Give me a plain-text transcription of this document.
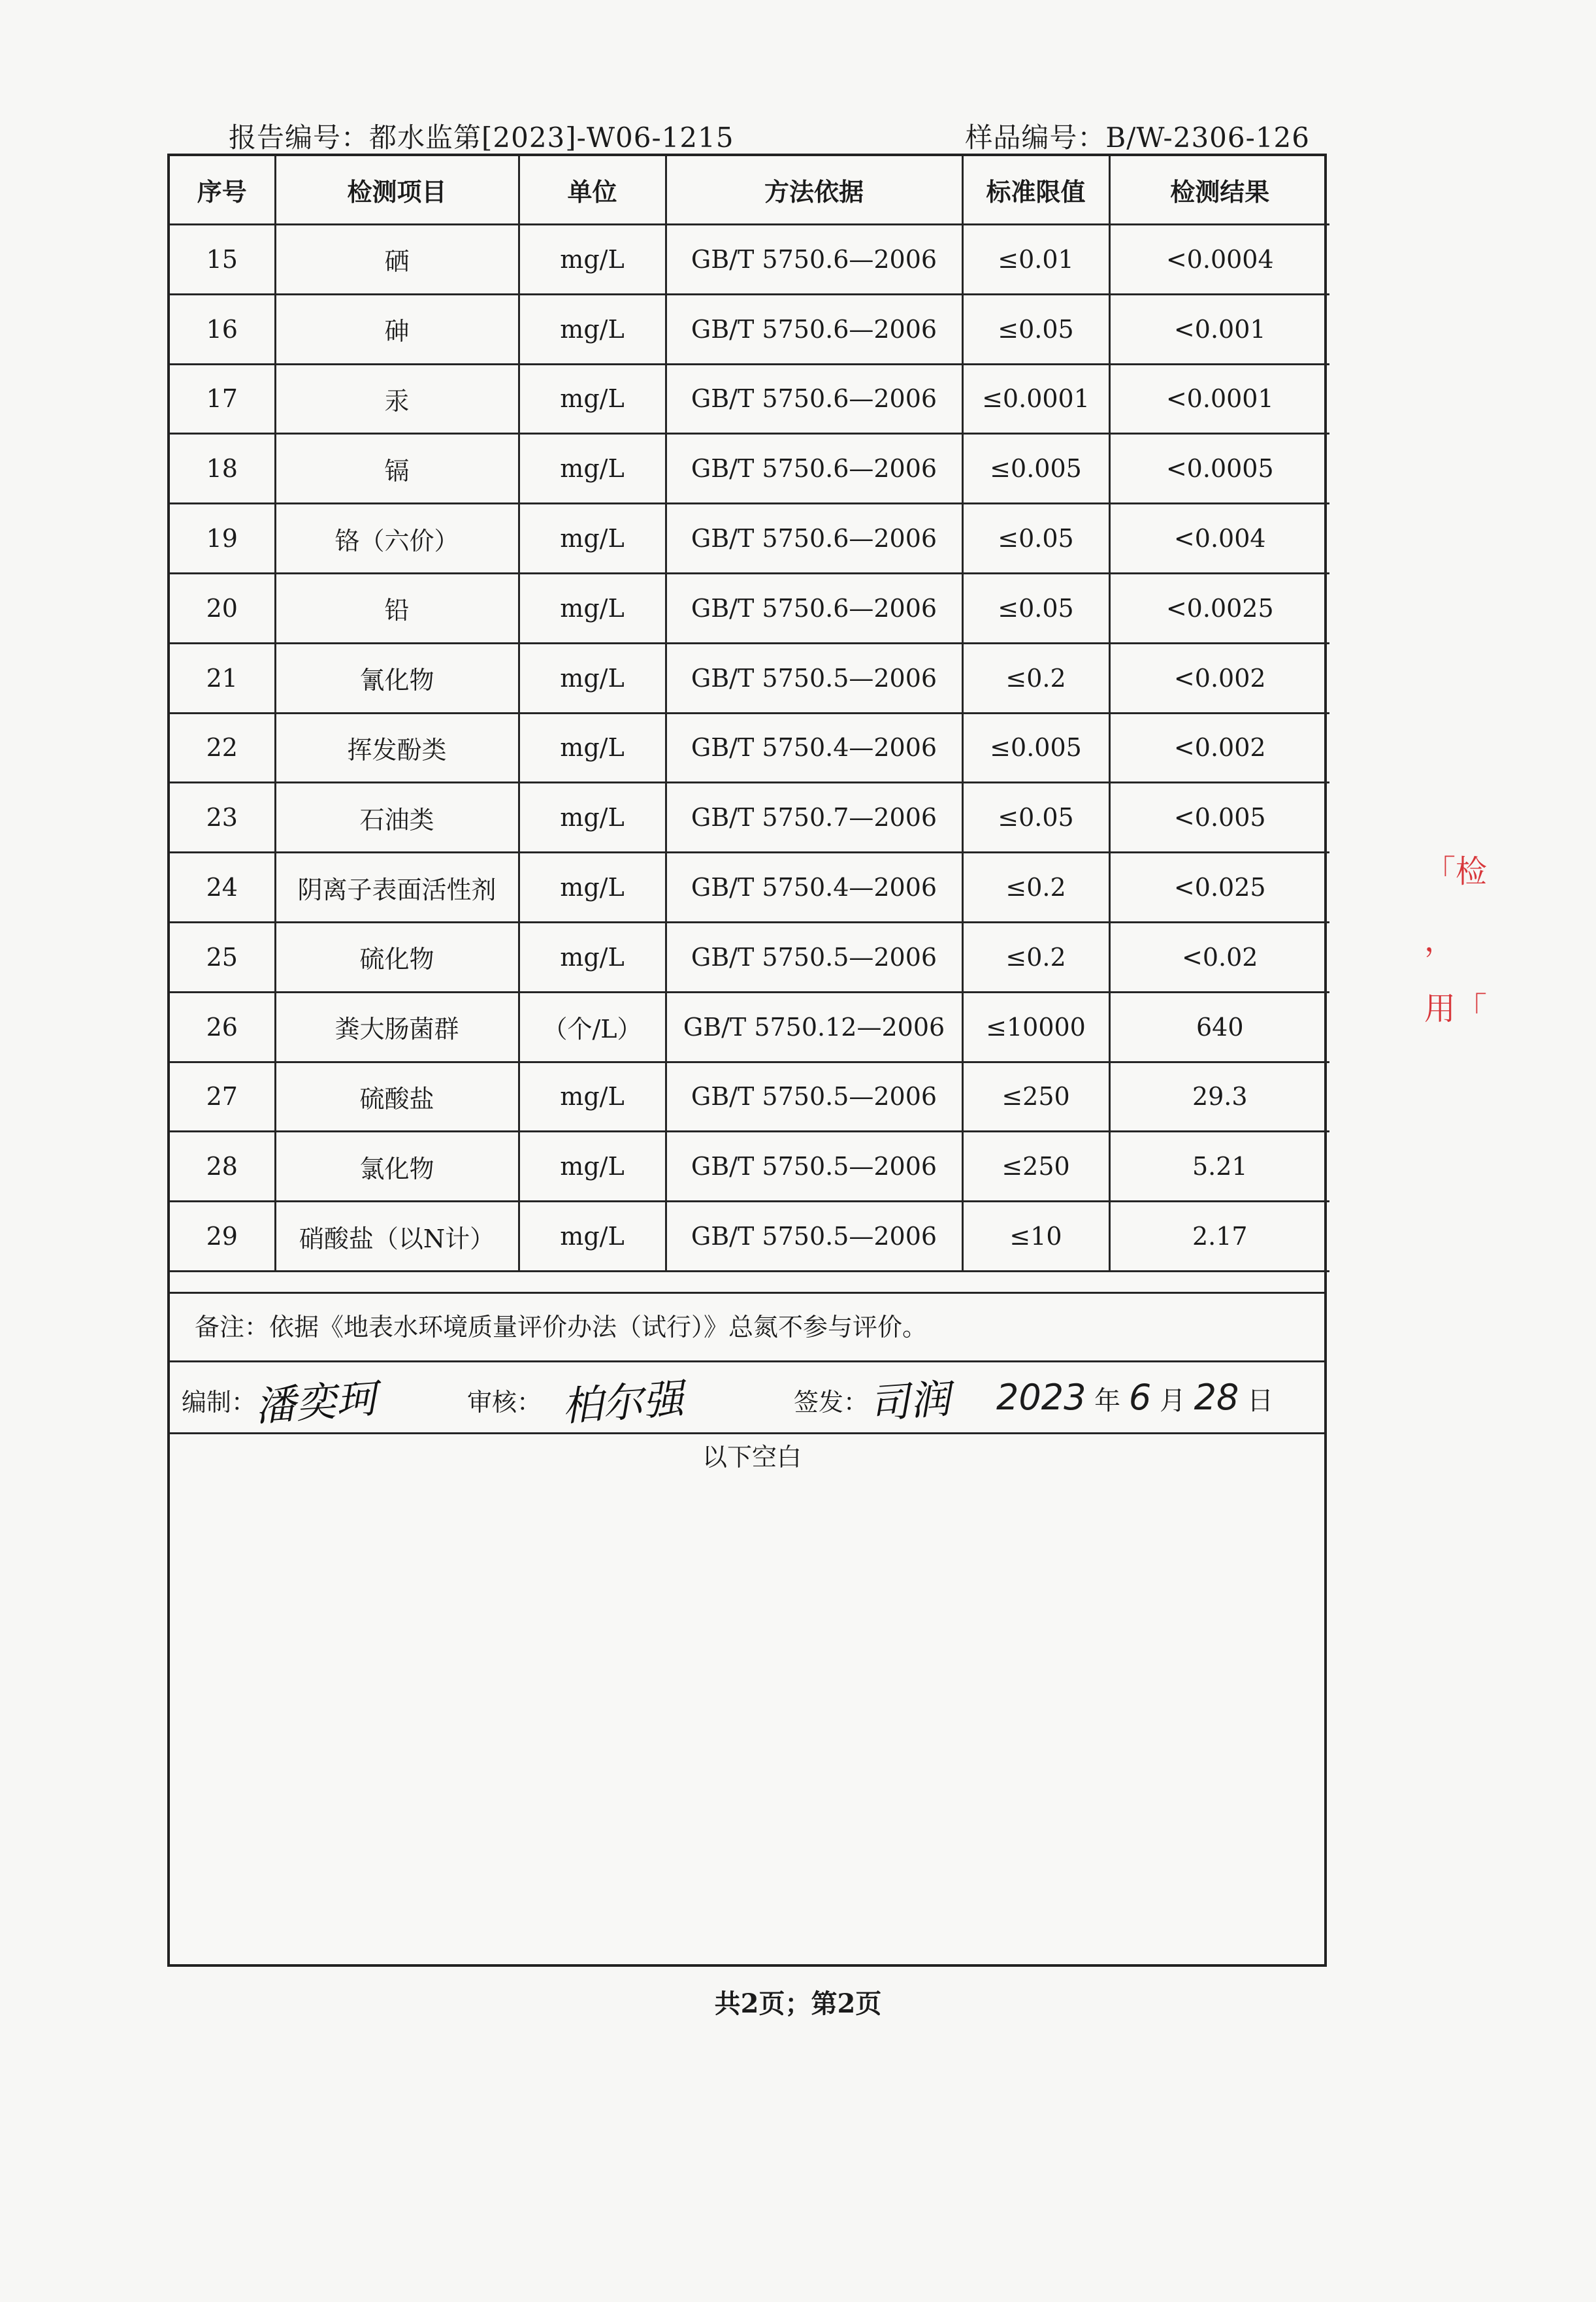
报告编号：都水监第[2023]-W06-1215	样品编号：B/W-2306-126
序号	检测项目	单位	方法依据	标准限值	检测结果
15	硒	mg/L	GB/T 5750.6—2006	≤0.01	<0.0004
16	砷	mg/L	GB/T 5750.6—2006	≤0.05	<0.001
17	汞	mg/L	GB/T 5750.6—2006	≤0.0001	<0.0001
18	镉	mg/L	GB/T 5750.6—2006	≤0.005	<0.0005
19	铬（六价）	mg/L	GB/T 5750.6—2006	≤0.05	<0.004
20	铅	mg/L	GB/T 5750.6—2006	≤0.05	<0.0025
21	氰化物	mg/L	GB/T 5750.5—2006	≤0.2	<0.002
22	挥发酚类	mg/L	GB/T 5750.4—2006	≤0.005	<0.002
23	石油类	mg/L	GB/T 5750.7—2006	≤0.05	<0.005
24	阴离子表面活性剂	mg/L	GB/T 5750.4—2006	≤0.2	<0.025
25	硫化物	mg/L	GB/T 5750.5—2006	≤0.2	<0.02
26	粪大肠菌群	（个/L）	GB/T 5750.12—2006	≤10000	640
27	硫酸盐	mg/L	GB/T 5750.5—2006	≤250	29.3
28	氯化物	mg/L	GB/T 5750.5—2006	≤250	5.21
29	硝酸盐（以N计）	mg/L	GB/T 5750.5—2006	≤10	2.17
备注：依据《地表水环境质量评价办法（试行）》总氮不参与评价。
编制：
潘奕珂	审核： 柏尔强	签发：
司润 2023 年 6 月 28 日
以下空白
共2页；第2页
「检
，
用「
